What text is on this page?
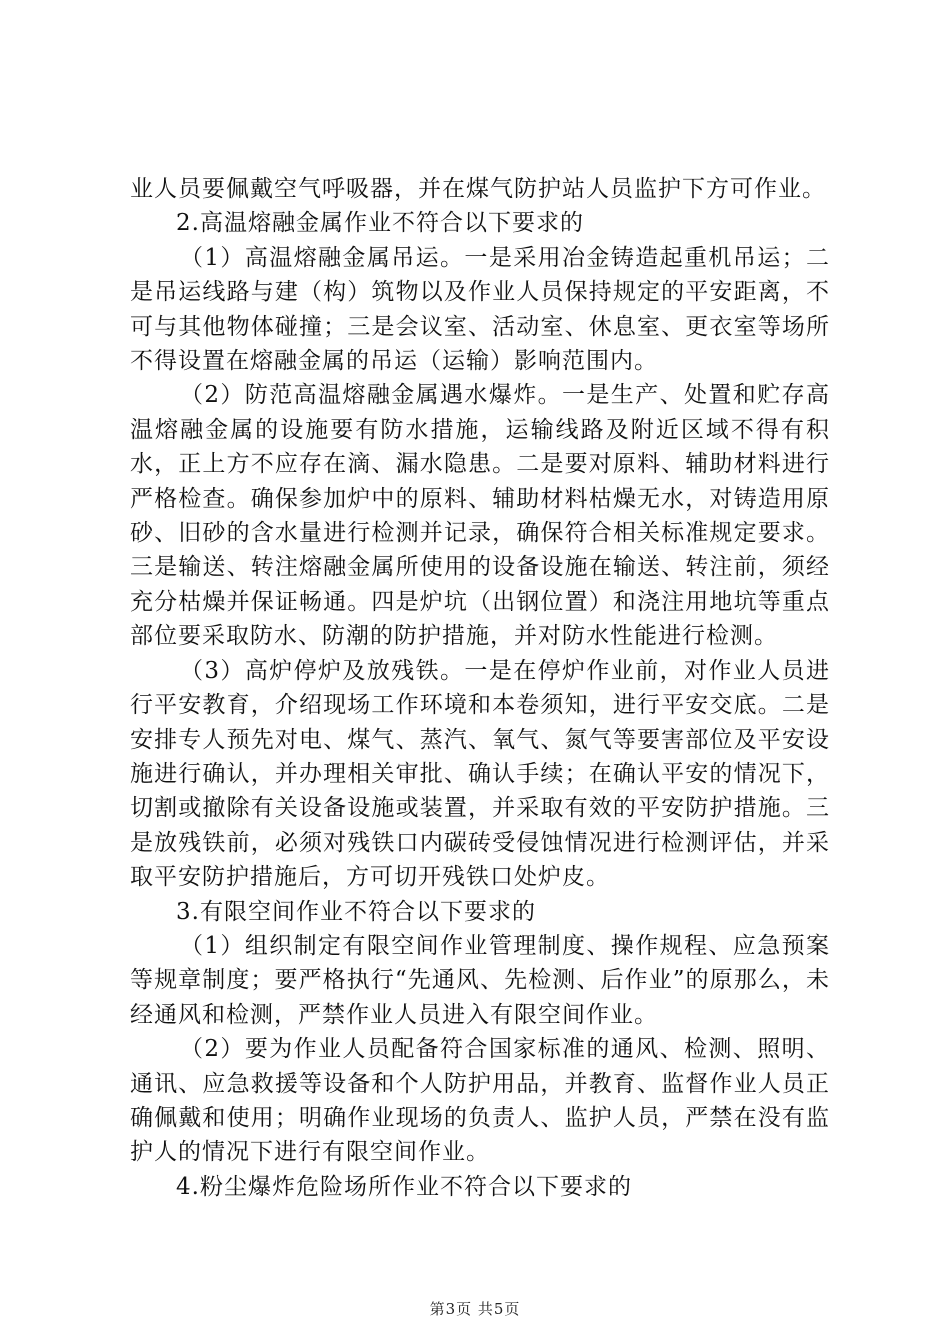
业人员要佩戴空气呼吸器，并在煤气防护站人员监护下方可作业。

2.高温熔融金属作业不符合以下要求的

（1）高温熔融金属吊运。一是采用冶金铸造起重机吊运；二是吊运线路与建（构）筑物以及作业人员保持规定的平安距离，不可与其他物体碰撞；三是会议室、活动室、休息室、更衣室等场所不得设置在熔融金属的吊运（运输）影响范围内。

（2）防范高温熔融金属遇水爆炸。一是生产、处置和贮存高温熔融金属的设施要有防水措施，运输线路及附近区域不得有积水，正上方不应存在滴、漏水隐患。二是要对原料、辅助材料进行严格检查。确保参加炉中的原料、辅助材料枯燥无水，对铸造用原砂、旧砂的含水量进行检测并记录，确保符合相关标准规定要求。三是输送、转注熔融金属所使用的设备设施在输送、转注前，须经充分枯燥并保证畅通。四是炉坑（出钢位置）和浇注用地坑等重点部位要采取防水、防潮的防护措施，并对防水性能进行检测。

（3）高炉停炉及放残铁。一是在停炉作业前，对作业人员进行平安教育，介绍现场工作环境和本卷须知，进行平安交底。二是安排专人预先对电、煤气、蒸汽、氧气、氮气等要害部位及平安设施进行确认，并办理相关审批、确认手续；在确认平安的情况下，切割或撤除有关设备设施或装置，并采取有效的平安防护措施。三是放残铁前，必须对残铁口内碳砖受侵蚀情况进行检测评估，并采取平安防护措施后，方可切开残铁口处炉皮。

3.有限空间作业不符合以下要求的

（1）组织制定有限空间作业管理制度、操作规程、应急预案等规章制度；要严格执行“先通风、先检测、后作业”的原那么，未经通风和检测，严禁作业人员进入有限空间作业。

（2）要为作业人员配备符合国家标准的通风、检测、照明、通讯、应急救援等设备和个人防护用品，并教育、监督作业人员正确佩戴和使用；明确作业现场的负责人、监护人员，严禁在没有监护人的情况下进行有限空间作业。

4.粉尘爆炸危险场所作业不符合以下要求的

第3页 共5页
